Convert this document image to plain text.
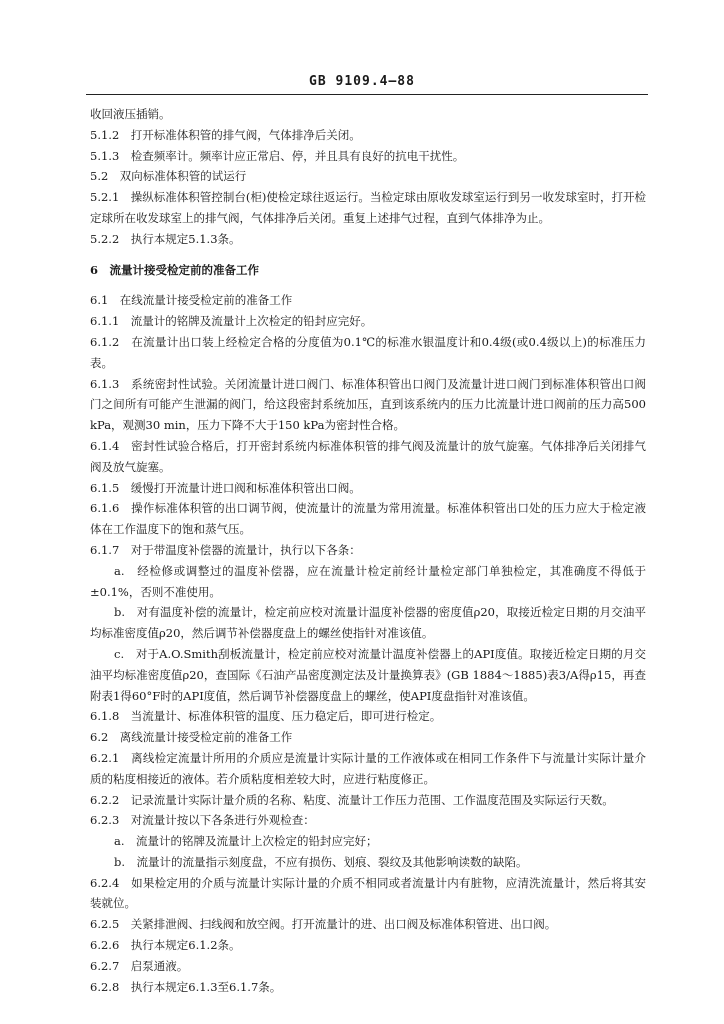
GB 9109.4—88

收回液压插销。

5.1.2　打开标准体积管的排气阀，气体排净后关闭。

5.1.3　检查频率计。频率计应正常启、停，并且具有良好的抗电干扰性。

5.2　双向标准体积管的试运行

5.2.1　操纵标准体积管控制台(柜)使检定球往返运行。当检定球由原收发球室运行到另一收发球室时，打开检定球所在收发球室上的排气阀，气体排净后关闭。重复上述排气过程，直到气体排净为止。

5.2.2　执行本规定5.1.3条。

6　流量计接受检定前的准备工作

6.1　在线流量计接受检定前的准备工作

6.1.1　流量计的铭牌及流量计上次检定的铅封应完好。

6.1.2　在流量计出口装上经检定合格的分度值为0.1℃的标准水银温度计和0.4级(或0.4级以上)的标准压力表。

6.1.3　系统密封性试验。关闭流量计进口阀门、标准体积管出口阀门及流量计进口阀门到标准体积管出口阀门之间所有可能产生泄漏的阀门，给这段密封系统加压，直到该系统内的压力比流量计进口阀前的压力高500 kPa，观测30 min，压力下降不大于150 kPa为密封性合格。

6.1.4　密封性试验合格后，打开密封系统内标准体积管的排气阀及流量计的放气旋塞。气体排净后关闭排气阀及放气旋塞。

6.1.5　缓慢打开流量计进口阀和标准体积管出口阀。

6.1.6　操作标准体积管的出口调节阀，使流量计的流量为常用流量。标准体积管出口处的压力应大于检定液体在工作温度下的饱和蒸气压。

6.1.7　对于带温度补偿器的流量计，执行以下各条：

a.　经检修或调整过的温度补偿器，应在流量计检定前经计量检定部门单独检定，其准确度不得低于±0.1%，否则不准使用。

b.　对有温度补偿的流量计，检定前应校对流量计温度补偿器的密度值ρ20，取接近检定日期的月交油平均标准密度值ρ20，然后调节补偿器度盘上的螺丝使指针对准该值。

c.　对于A.O.Smith刮板流量计，检定前应校对流量计温度补偿器上的API度值。取接近检定日期的月交油平均标准密度值ρ20，查国际《石油产品密度测定法及计量换算表》(GB 1884～1885)表3/A得ρ15，再查附表1得60°F时的API度值，然后调节补偿器度盘上的螺丝，使API度盘指针对准该值。

6.1.8　当流量计、标准体积管的温度、压力稳定后，即可进行检定。

6.2　离线流量计接受检定前的准备工作

6.2.1　离线检定流量计所用的介质应是流量计实际计量的工作液体或在相同工作条件下与流量计实际计量介质的粘度相接近的液体。若介质粘度相差较大时，应进行粘度修正。

6.2.2　记录流量计实际计量介质的名称、粘度、流量计工作压力范围、工作温度范围及实际运行天数。

6.2.3　对流量计按以下各条进行外观检查：

a.　流量计的铭牌及流量计上次检定的铅封应完好；

b.　流量计的流量指示刻度盘，不应有损伤、划痕、裂纹及其他影响读数的缺陷。

6.2.4　如果检定用的介质与流量计实际计量的介质不相同或者流量计内有脏物，应清洗流量计，然后将其安装就位。

6.2.5　关紧排泄阀、扫线阀和放空阀。打开流量计的进、出口阀及标准体积管进、出口阀。

6.2.6　执行本规定6.1.2条。

6.2.7　启泵通液。

6.2.8　执行本规定6.1.3至6.1.7条。
